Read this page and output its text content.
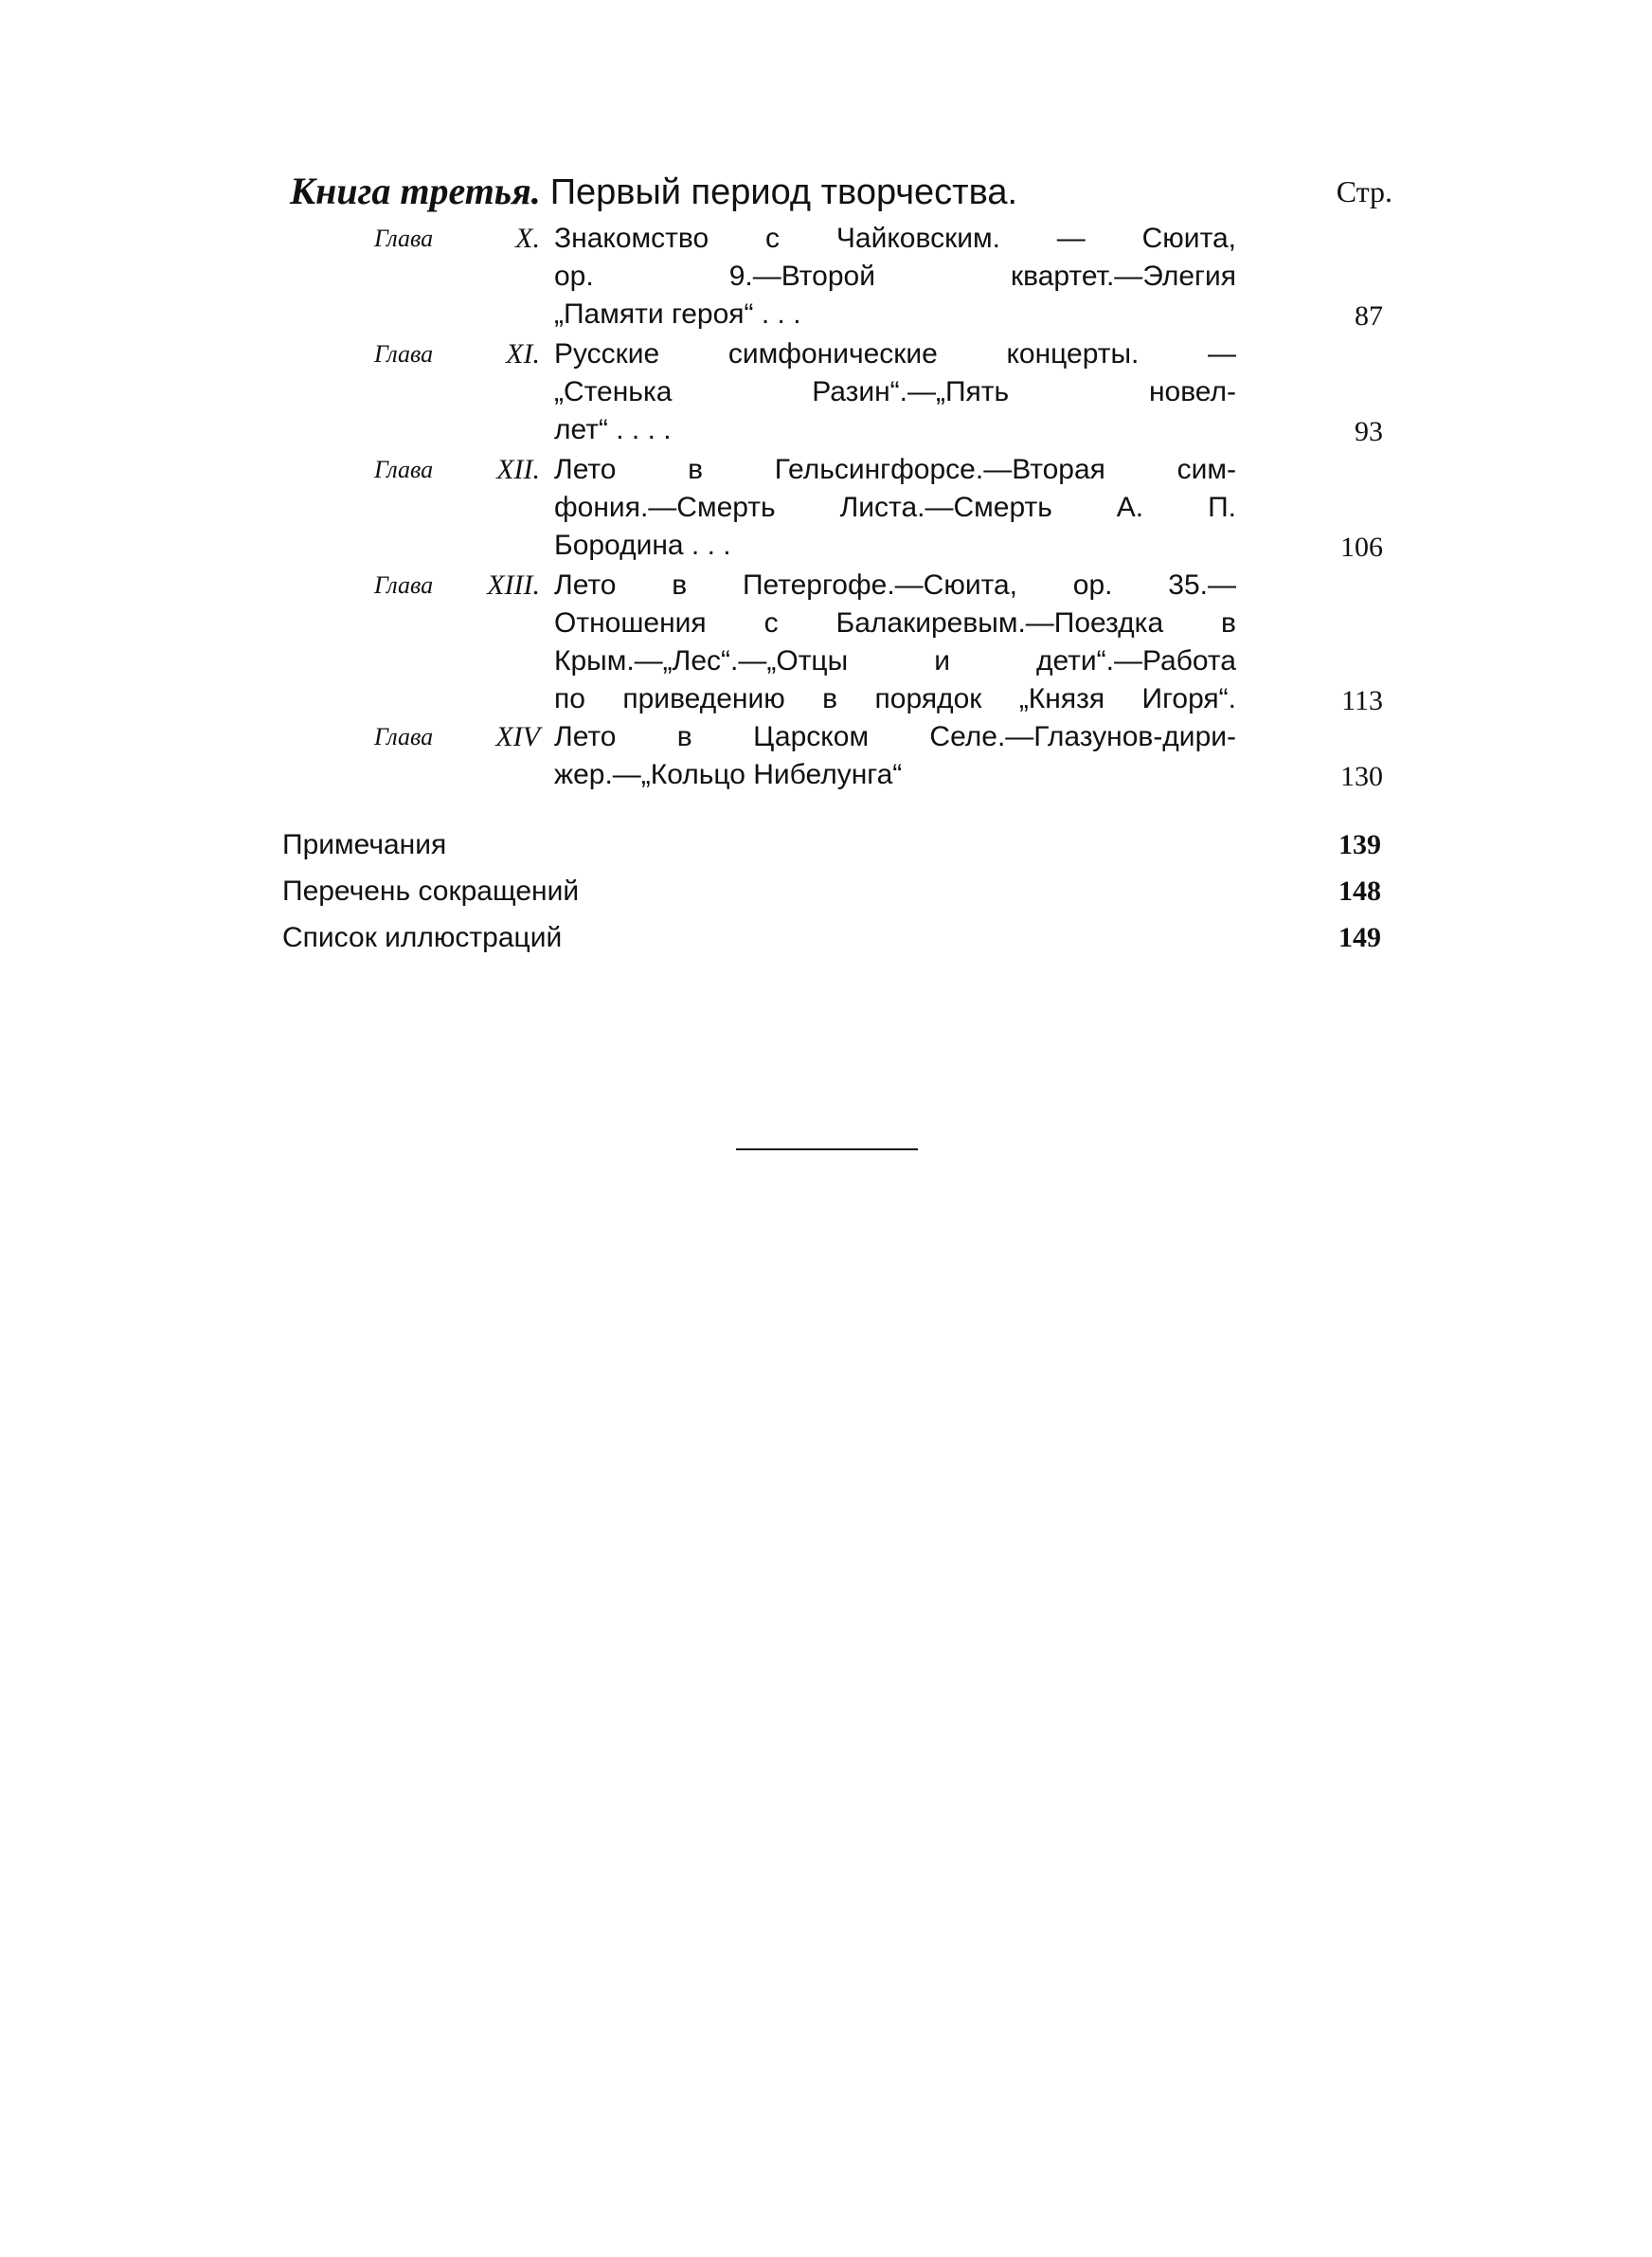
Книга третья. Первый период творчества.	Стр.
Глава	X. Знакомство с Чайковским. — Сюита,
ор. 9.—Второй квартет.—Элегия
„Памяти героя“ . . .	87
Глава	XI. Русские симфонические концерты. —
„Стенька Разин“.—„Пять новел-
лет“ . . . .	93
Глава	XII. Лето в Гельсингфорсе.—Вторая сим-
фония.—Смерть Листа.—Смерть А. П.
Бородина . . .	106
Глава	XIII. Лето в Петергофе.—Сюита, ор. 35.—
Отношения с Балакиревым.—Поездка в
Крым.—„Лес“.—„Отцы и дети“.—Работа
по приведению в порядок „Князя Игоря“.	113
Глава	XIV Лето в Царском Селе.—Глазунов-дири-
жер.—„Кольцо Нибелунга“	130
Примечания	139
Перечень сокращений	148
Список иллюстраций	149
